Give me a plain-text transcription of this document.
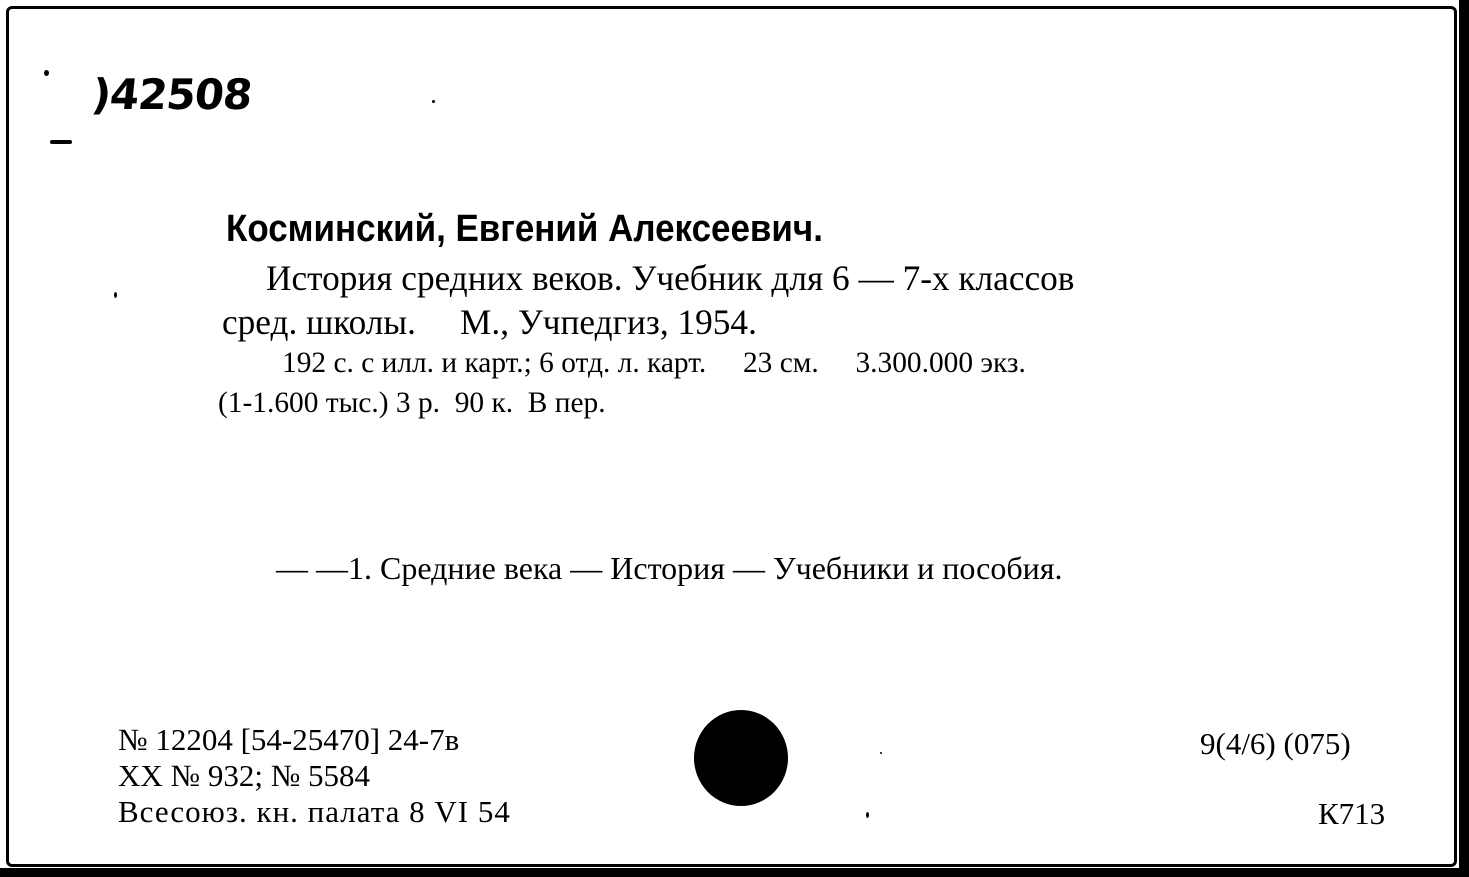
)42508
Косминский, Евгений Алексеевич.
История средних веков. Учебник для 6 — 7-х классов
сред. школы.     М., Учпедгиз, 1954.
192 с. с илл. и карт.; 6 отд. л. карт.     23 см.     3.300.000 экз.
(1-1.600 тыс.) 3 р.  90 к.  В пер.
— —1. Средние века — История — Учебники и пособия.
№ 12204 [54-25470] 24-7в
ХХ № 932; № 5584
Всесоюз. кн. палата 8 VI 54
9(4/6) (075)
К713
